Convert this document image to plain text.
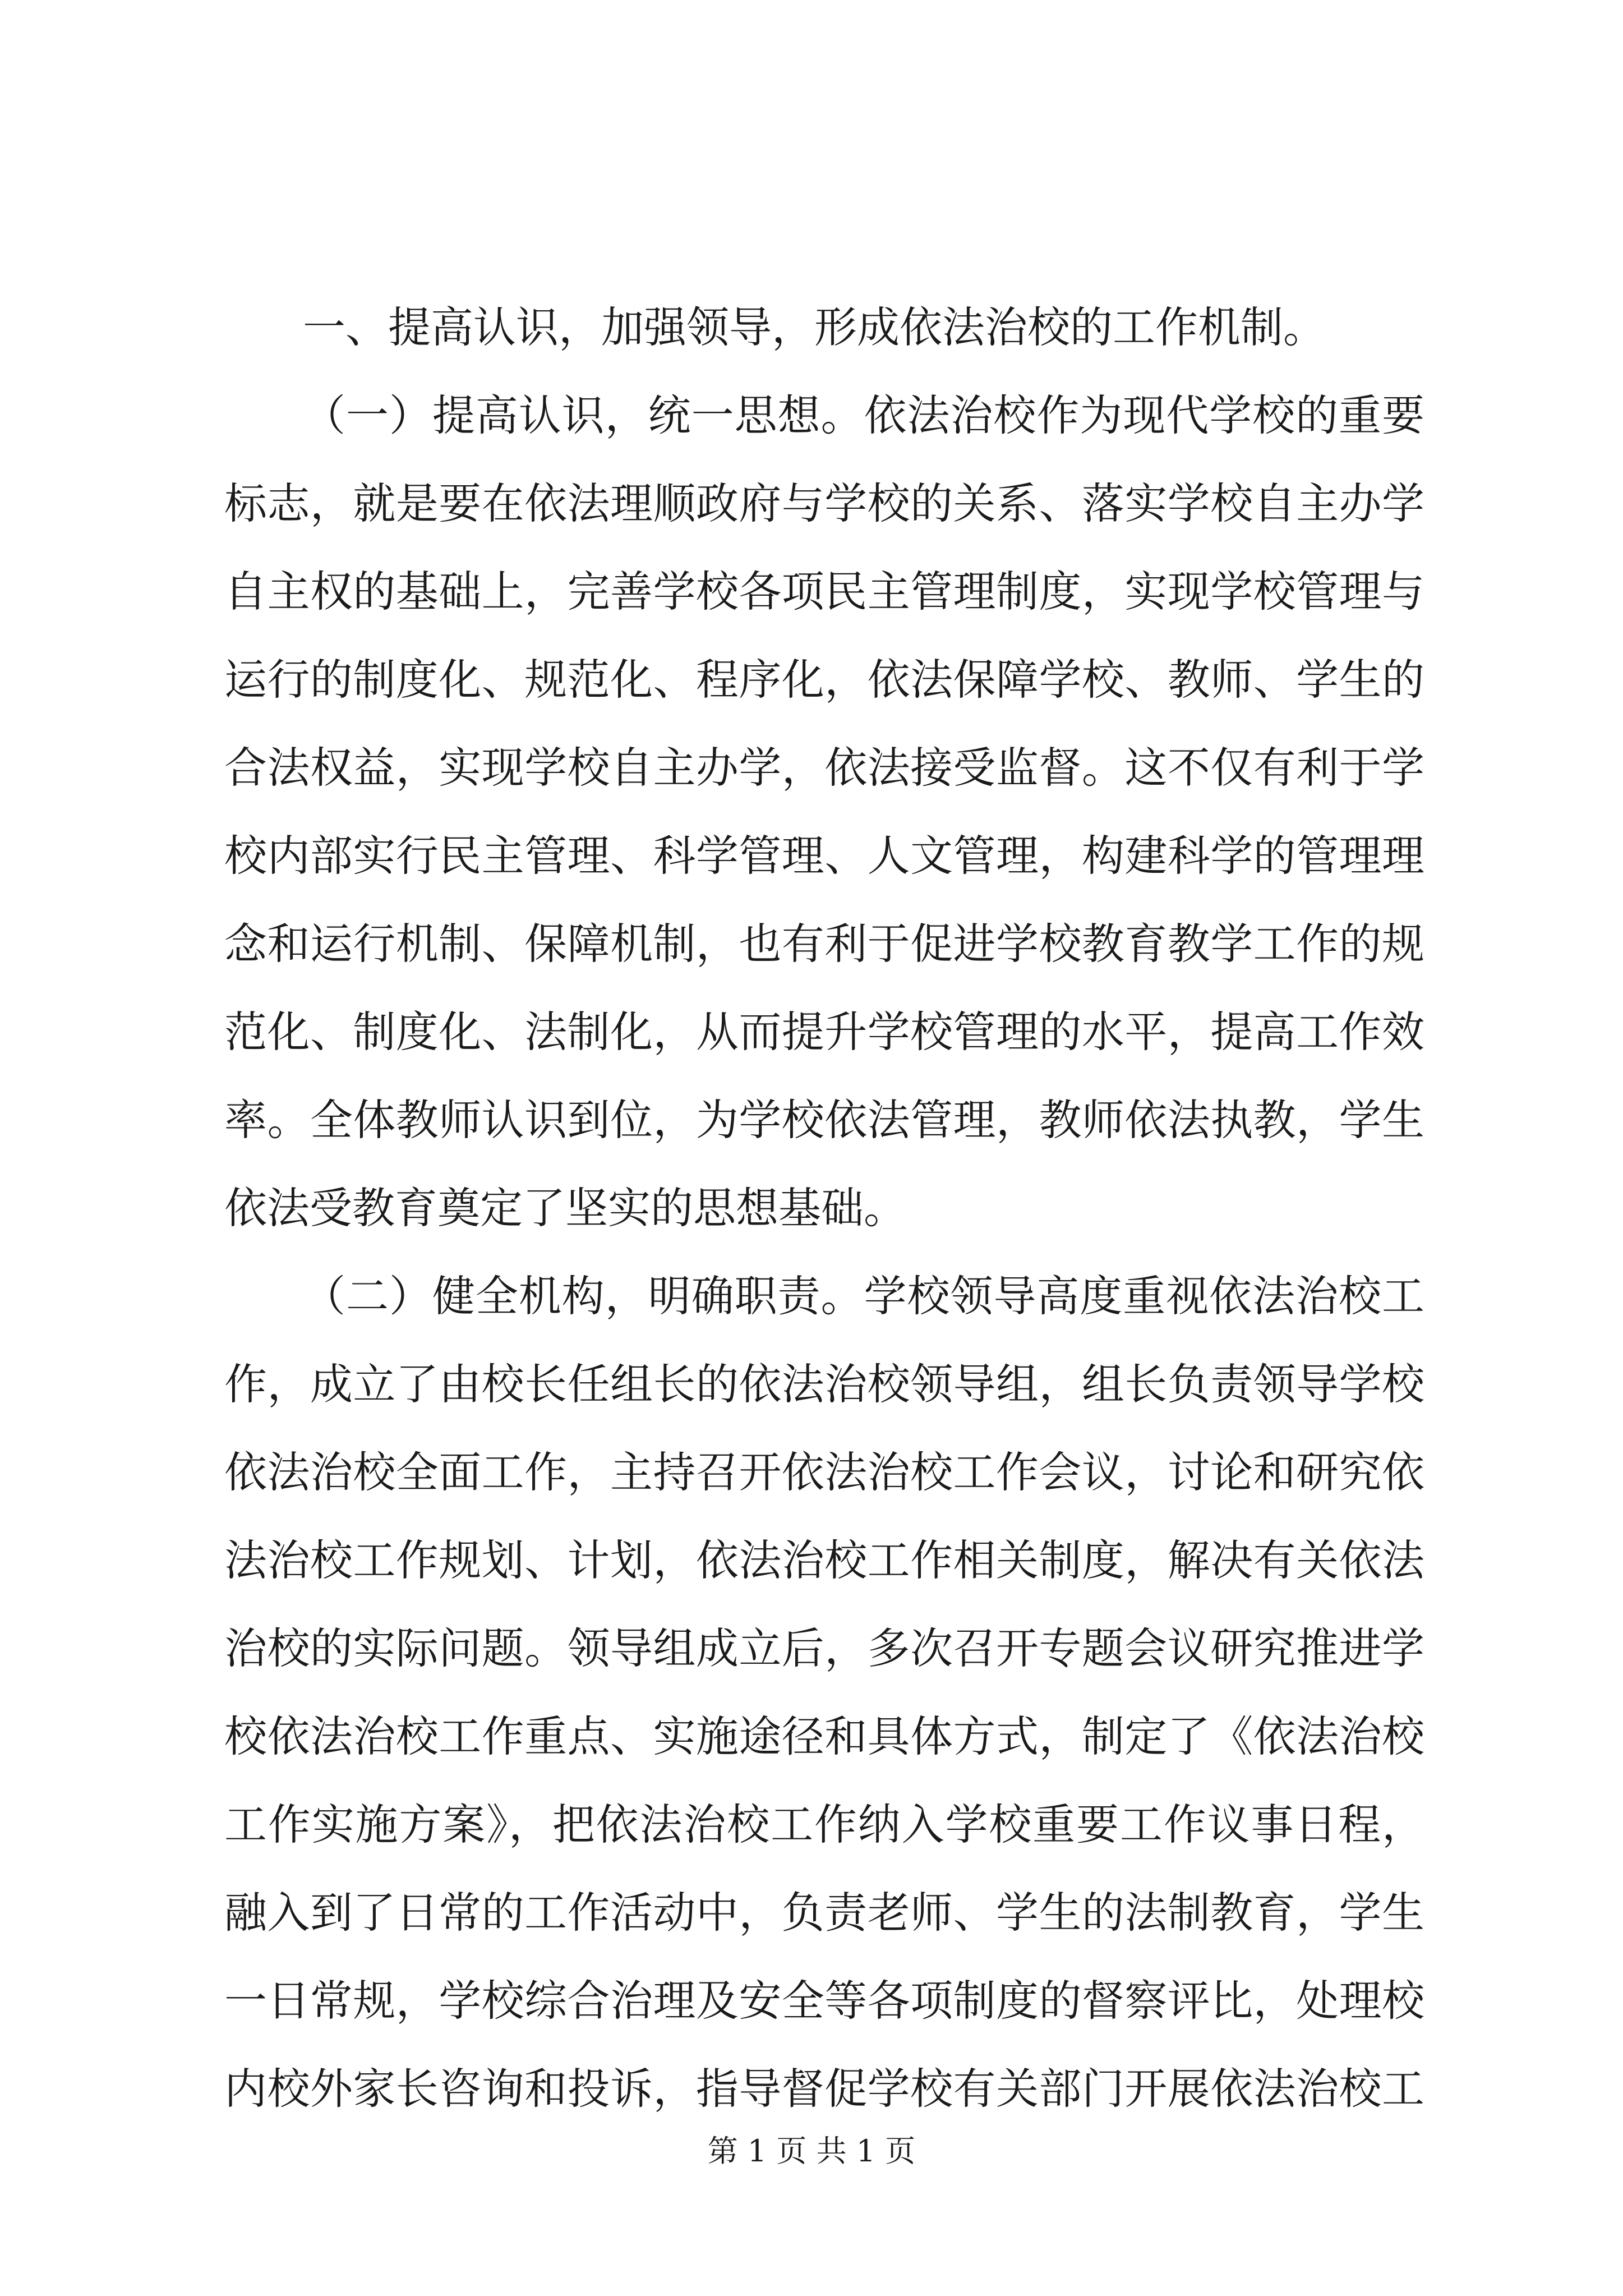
一、提高认识，加强领导，形成依法治校的工作机制。
（一）提高认识，统一思想。依法治校作为现代学校的重要
标志，就是要在依法理顺政府与学校的关系、落实学校自主办学
自主权的基础上，完善学校各项民主管理制度，实现学校管理与
运行的制度化、规范化、程序化，依法保障学校、教师、学生的
合法权益，实现学校自主办学，依法接受监督。这不仅有利于学
校内部实行民主管理、科学管理、人文管理，构建科学的管理理
念和运行机制、保障机制，也有利于促进学校教育教学工作的规
范化、制度化、法制化，从而提升学校管理的水平，提高工作效
率。全体教师认识到位，为学校依法管理，教师依法执教，学生
依法受教育奠定了坚实的思想基础。
（二）健全机构，明确职责。学校领导高度重视依法治校工
作，成立了由校长任组长的依法治校领导组，组长负责领导学校
依法治校全面工作，主持召开依法治校工作会议，讨论和研究依
法治校工作规划、计划，依法治校工作相关制度，解决有关依法
治校的实际问题。领导组成立后，多次召开专题会议研究推进学
校依法治校工作重点、实施途径和具体方式，制定了《依法治校
工作实施方案》，把依法治校工作纳入学校重要工作议事日程，
融入到了日常的工作活动中，负责老师、学生的法制教育，学生
一日常规，学校综合治理及安全等各项制度的督察评比，处理校
内校外家长咨询和投诉，指导督促学校有关部门开展依法治校工
第 1 页 共 1 页
